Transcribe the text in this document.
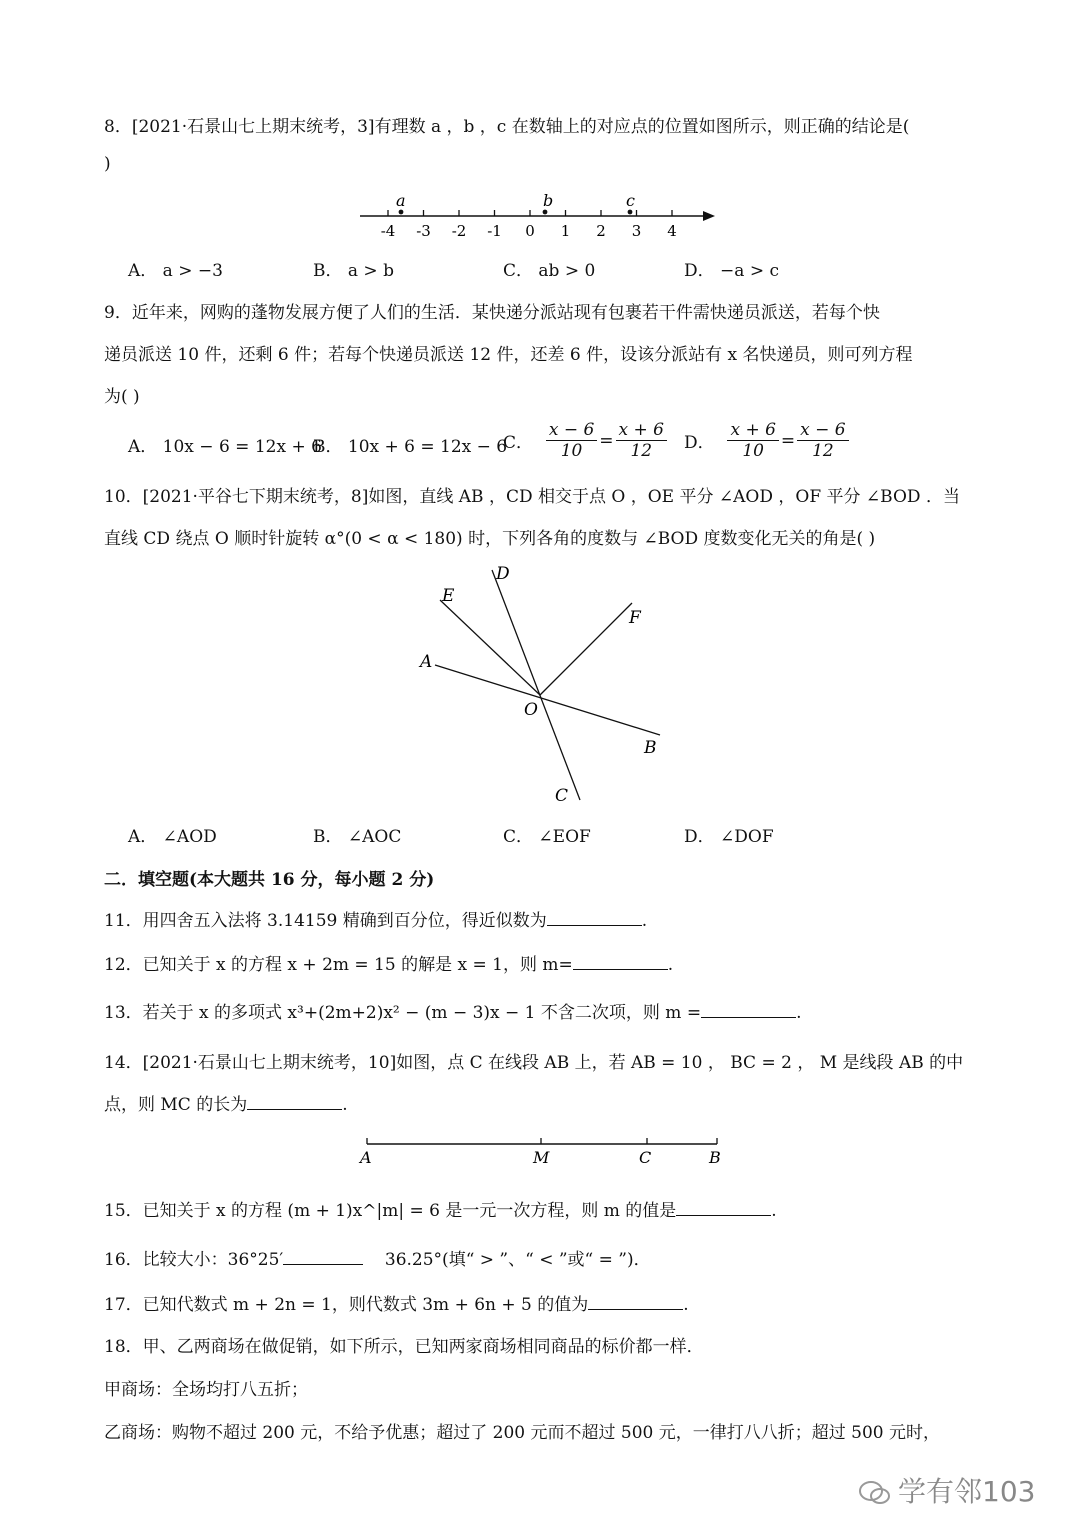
8．[2021·石景山七上期末统考，3]有理数 a ，b ，c 在数轴上的对应点的位置如图所示，则正确的结论是(
)
-4 -3 -2 -1 0 1 2 3 4
a	b	c
A． a > −3	B． a > b	C． ab > 0	D． −a > c
9．近年来，网购的蓬物发展方便了人们的生活．某快递分派站现有包裹若干件需快递员派送，若每个快
递员派送 10 件，还剩 6 件；若每个快递员派送 12 件，还差 6 件，设该分派站有 x 名快递员，则可列方程
为( )
A． 10x − 6 = 12x + 6
B． 10x + 6 = 12x − 6
C．
$\frac{x - 6}{10} = \frac{x + 6}{12}$ D．
$\frac{x + 6}{10} = \frac{x - 6}{12}$
10．[2021·平谷七下期末统考，8]如图，直线 AB ，CD 相交于点 O ，OE 平分 ∠AOD ，OF 平分 ∠BOD ．当
直线 CD 绕点 O 顺时针旋转 α°(0 < α < 180) 时，下列各角的度数与 ∠BOD 度数变化无关的角是( )
A
B
C
D
E
F
O
A． ∠AOD	B． ∠AOC	C． ∠EOF	D． ∠DOF
二．填空题(本大题共 16 分，每小题 2 分)
11．用四舍五入法将 3.14159 精确到百分位，得近似数为	.
12．已知关于 x 的方程 x + 2m = 15 的解是 x = 1，则 m=	.
13．若关于 x 的多项式 x³+(2m+2)x² − (m − 3)x − 1 不含二次项，则 m =	.
14．[2021·石景山七上期末统考，10]如图，点 C 在线段 AB 上，若 AB = 10 ， BC = 2 ， M 是线段 AB 的中
点，则 MC 的长为	.
A	M	C	B
15．已知关于 x 的方程 (m + 1)x^|m| = 6 是一元一次方程，则 m 的值是	.
16．比较大小：36°25′	36.25°(填“ > ”、“ < ”或“ = ”)．
17．已知代数式 m + 2n = 1，则代数式 3m + 6n + 5 的值为	.
18．甲、乙两商场在做促销，如下所示，已知两家商场相同商品的标价都一样．
甲商场：全场均打八五折；
乙商场：购物不超过 200 元，不给予优惠；超过了 200 元而不超过 500 元，一律打八八折；超过 500 元时，
学有邻103
